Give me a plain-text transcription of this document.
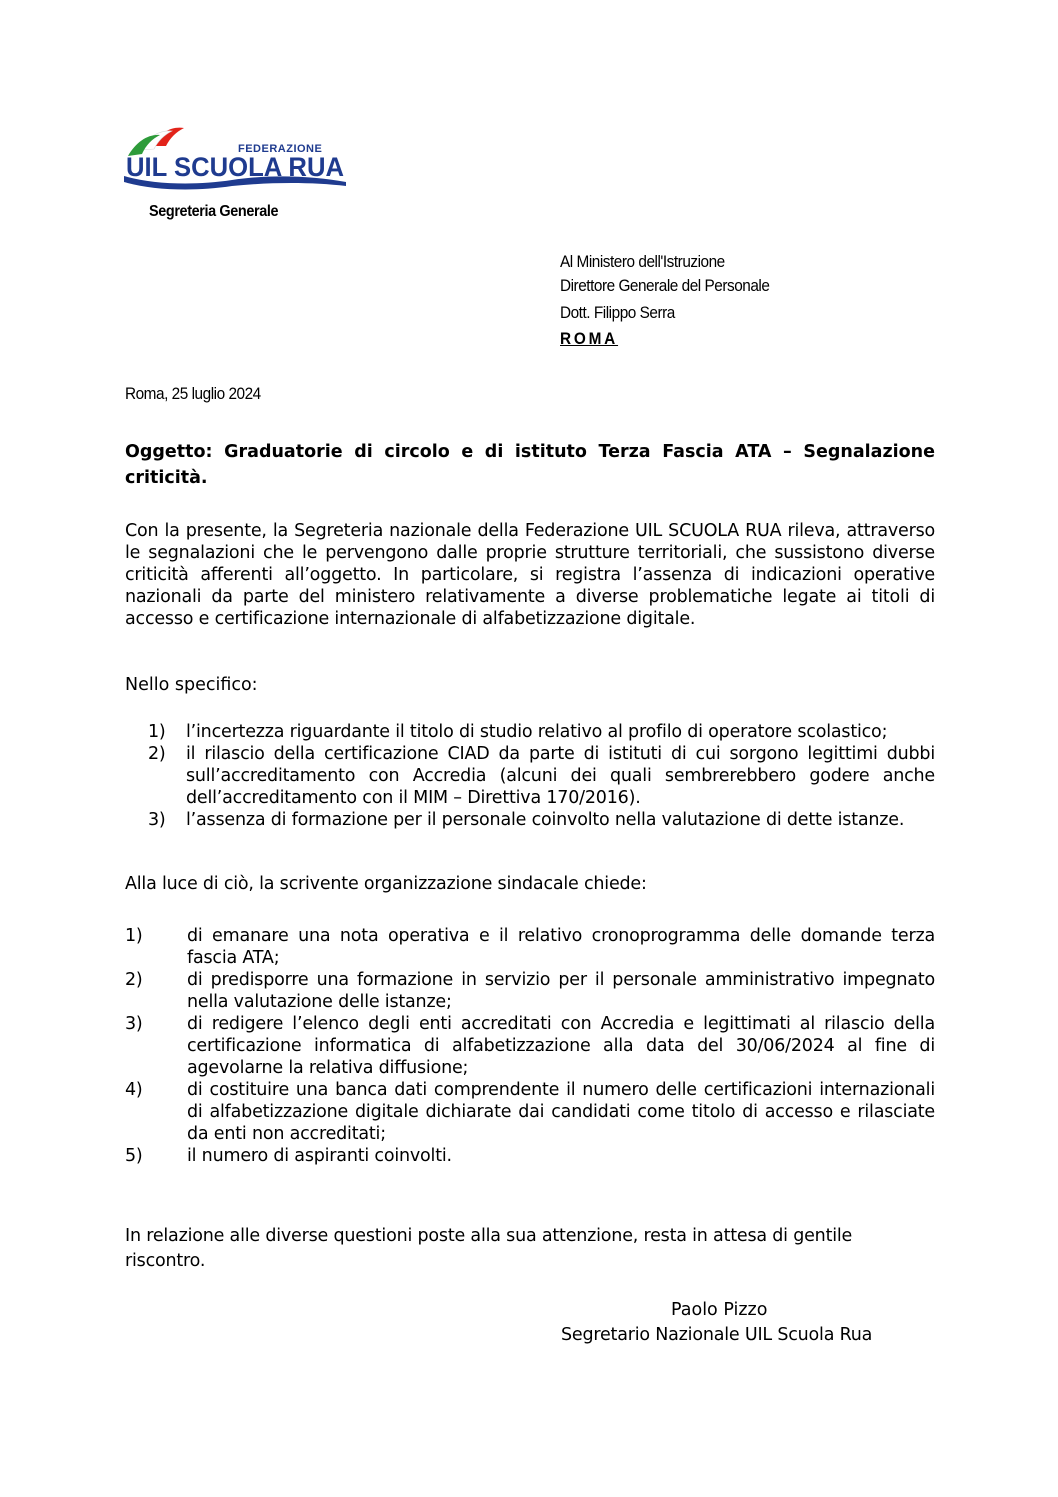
FEDERAZIONE
UIL SCUOLA RUA
Segreteria Generale
Al Ministero dell'Istruzione
Direttore Generale del Personale
Dott. Filippo Serra
ROMA
Roma, 25 luglio 2024
Oggetto: Graduatorie di circolo e di istituto Terza Fascia ATA – Segnalazione criticità.
Con la presente, la Segreteria nazionale della Federazione UIL SCUOLA RUA rileva, attraverso le segnalazioni che le pervengono dalle proprie strutture territoriali, che sussistono diverse criticità afferenti all’oggetto. In particolare, si registra l’assenza di indicazioni operative nazionali da parte del ministero relativamente a diverse problematiche legate ai titoli di accesso e certificazione internazionale di alfabetizzazione digitale.
Nello specifico:
1)	l’incertezza riguardante il titolo di studio relativo al profilo di operatore scolastico;
2)	il rilascio della certificazione CIAD da parte di istituti di cui sorgono legittimi dubbi sull’accreditamento con Accredia (alcuni dei quali sembrerebbero godere anche dell’accreditamento con il MIM – Direttiva 170/2016).
3)	l’assenza di formazione per il personale coinvolto nella valutazione di dette istanze.
Alla luce di ciò, la scrivente organizzazione sindacale chiede:
1)	di emanare una nota operativa e il relativo cronoprogramma delle domande terza fascia ATA;
2)	di predisporre una formazione in servizio per il personale amministrativo impegnato nella valutazione delle istanze;
3)	di redigere l’elenco degli enti accreditati con Accredia e legittimati al rilascio della certificazione informatica di alfabetizzazione alla data del 30/06/2024 al fine di agevolarne la relativa diffusione;
4)	di costituire una banca dati comprendente il numero delle certificazioni internazionali di alfabetizzazione digitale dichiarate dai candidati come titolo di accesso e rilasciate da enti non accreditati;
5)	il numero di aspiranti coinvolti.
In relazione alle diverse questioni poste alla sua attenzione, resta in attesa di gentile riscontro.
Paolo Pizzo
Segretario Nazionale UIL Scuola Rua
